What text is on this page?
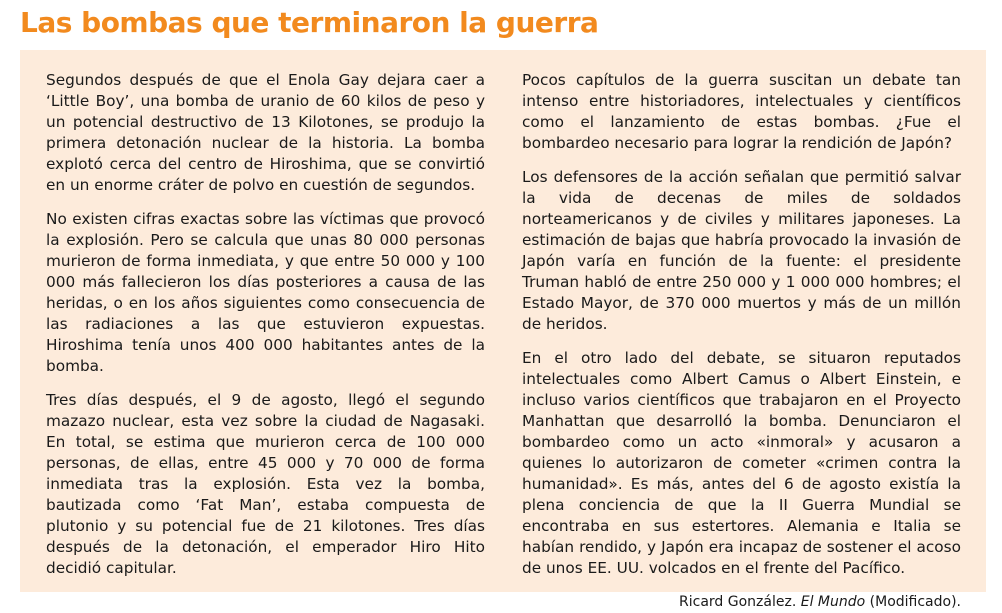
Las bombas que terminaron la guerra

Segundos después de que el Enola Gay dejara caer a ‘Little Boy’, una bomba de uranio de 60 kilos de peso y un potencial destructivo de 13 Kilotones, se produjo la primera detonación nuclear de la historia. La bomba explotó cerca del centro de Hiroshima, que se convirtió en un enorme cráter de polvo en cuestión de segundos.

No existen cifras exactas sobre las víctimas que provocó la explosión. Pero se calcula que unas 80 000 personas murieron de forma inmediata, y que entre 50 000 y 100 000 más fallecieron los días posteriores a causa de las heridas, o en los años siguientes como consecuencia de las radiaciones a las que estuvieron expuestas. Hiroshima tenía unos 400 000 habitantes antes de la bomba.

Tres días después, el 9 de agosto, llegó el segundo mazazo nuclear, esta vez sobre la ciudad de Nagasaki. En total, se estima que murieron cerca de 100 000 personas, de ellas, entre 45 000 y 70 000 de forma inmediata tras la explosión. Esta vez la bomba, bautizada como ‘Fat Man’, estaba compuesta de plutonio y su potencial fue de 21 kilotones. Tres días después de la detonación, el emperador Hiro Hito decidió capitular.

Pocos capítulos de la guerra suscitan un debate tan intenso entre historiadores, intelectuales y científicos como el lanzamiento de estas bombas. ¿Fue el bombardeo necesario para lograr la rendición de Japón?

Los defensores de la acción señalan que permitió salvar la vida de decenas de miles de soldados norteamericanos y de civiles y militares japoneses. La estimación de bajas que habría provocado la invasión de Japón varía en función de la fuente: el presidente Truman habló de entre 250 000 y 1 000 000 hombres; el Estado Mayor, de 370 000 muertos y más de un millón de heridos.

En el otro lado del debate, se situaron reputados intelectuales como Albert Camus o Albert Einstein, e incluso varios científicos que trabajaron en el Proyecto Manhattan que desarrolló la bomba. Denunciaron el bombardeo como un acto «inmoral» y acusaron a quienes lo autorizaron de cometer «crimen contra la humanidad». Es más, antes del 6 de agosto existía la plena conciencia de que la II Guerra Mundial se encontraba en sus estertores. Alemania e Italia se habían rendido, y Japón era incapaz de sostener el acoso de unos EE. UU. volcados en el frente del Pacífico.

Ricard González. El Mundo (Modificado).
